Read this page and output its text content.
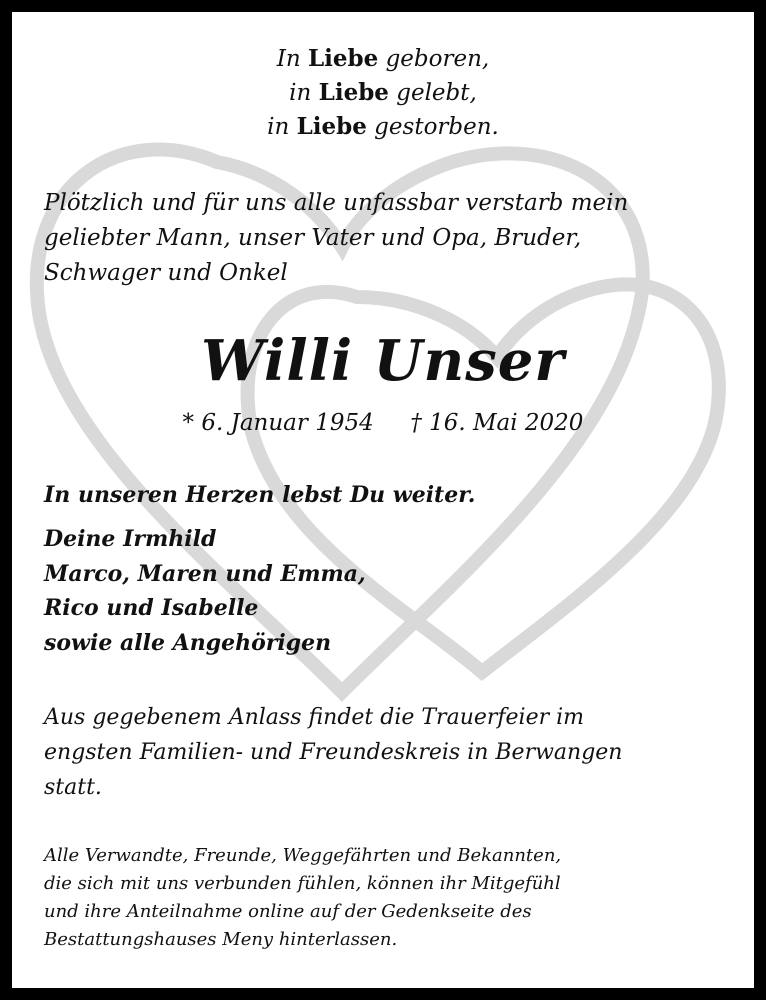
In Liebe geboren,
in Liebe gelebt,
in Liebe gestorben.
Plötzlich und für uns alle unfassbar verstarb mein
geliebter Mann, unser Vater und Opa, Bruder,
Schwager und Onkel
Willi Unser
* 6. Januar 1954     † 16. Mai 2020
In unseren Herzen lebst Du weiter.
Deine Irmhild
Marco, Maren und Emma,
Rico und Isabelle
sowie alle Angehörigen
Aus gegebenem Anlass findet die Trauerfeier im
engsten Familien- und Freundeskreis in Berwangen
statt.
Alle Verwandte, Freunde, Weggefährten und Bekannten,
die sich mit uns verbunden fühlen, können ihr Mitgefühl
und ihre Anteilnahme online auf der Gedenkseite des
Bestattungshauses Meny hinterlassen.
